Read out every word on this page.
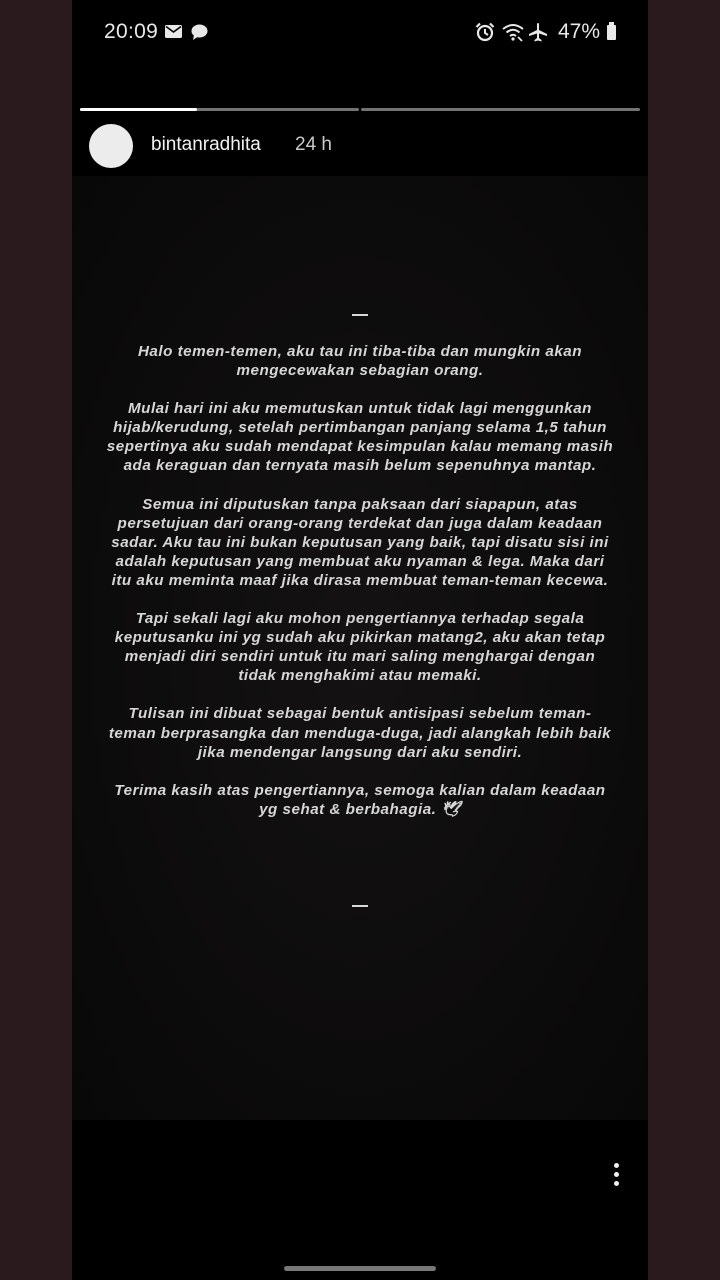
20:09	47%
bintanradhita 24 h

Halo temen-temen, aku tau ini tiba-tiba dan mungkin akan mengecewakan sebagian orang.

Mulai hari ini aku memutuskan untuk tidak lagi menggunkan hijab/kerudung, setelah pertimbangan panjang selama 1,5 tahun sepertinya aku sudah mendapat kesimpulan kalau memang masih ada keraguan dan ternyata masih belum sepenuhnya mantap.

Semua ini diputuskan tanpa paksaan dari siapapun, atas persetujuan dari orang-orang terdekat dan juga dalam keadaan sadar. Aku tau ini bukan keputusan yang baik, tapi disatu sisi ini adalah keputusan yang membuat aku nyaman & lega. Maka dari itu aku meminta maaf jika dirasa membuat teman-teman kecewa.

Tapi sekali lagi aku mohon pengertiannya terhadap segala keputusanku ini yg sudah aku pikirkan matang2, aku akan tetap menjadi diri sendiri untuk itu mari saling menghargai dengan tidak menghakimi atau memaki.

Tulisan ini dibuat sebagai bentuk antisipasi sebelum teman-teman berprasangka dan menduga-duga, jadi alangkah lebih baik jika mendengar langsung dari aku sendiri.

Terima kasih atas pengertiannya, semoga kalian dalam keadaan yg sehat & berbahagia. 🕊
